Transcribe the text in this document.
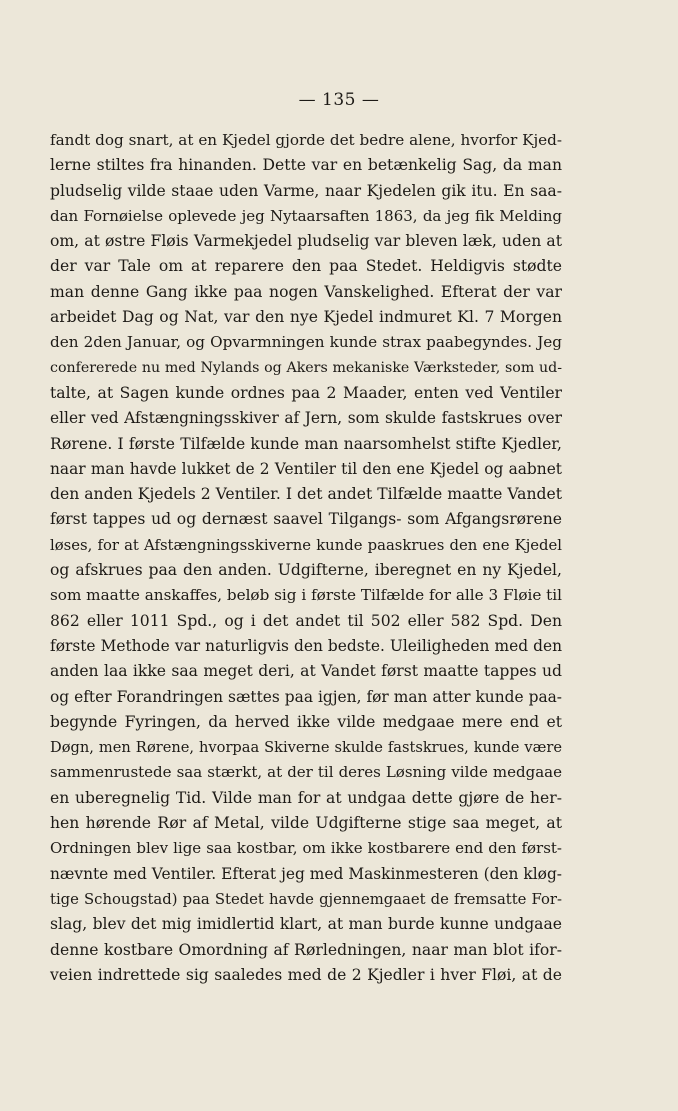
— 135 —
fandt dog snart, at en Kjedel gjorde det bedre alene, hvorfor Kjed-
lerne stiltes fra hinanden. Dette var en betænkelig Sag, da man
pludselig vilde staae uden Varme, naar Kjedelen gik itu. En saa-
dan Fornøielse oplevede jeg Nytaarsaften 1863, da jeg fik Melding
om, at østre Fløis Varmekjedel pludselig var bleven læk, uden at
der var Tale om at reparere den paa Stedet. Heldigvis stødte
man denne Gang ikke paa nogen Vanskelighed. Efterat der var
arbeidet Dag og Nat, var den nye Kjedel indmuret Kl. 7 Morgen
den 2den Januar, og Opvarmningen kunde strax paabegyndes. Jeg
confererede nu med Nylands og Akers mekaniske Værksteder, som ud-
talte, at Sagen kunde ordnes paa 2 Maader, enten ved Ventiler
eller ved Afstængningsskiver af Jern, som skulde fastskrues over
Rørene. I første Tilfælde kunde man naarsomhelst stifte Kjedler,
naar man havde lukket de 2 Ventiler til den ene Kjedel og aabnet
den anden Kjedels 2 Ventiler. I det andet Tilfælde maatte Vandet
først tappes ud og dernæst saavel Tilgangs- som Afgangsrørene
løses, for at Afstængningsskiverne kunde paaskrues den ene Kjedel
og afskrues paa den anden. Udgifterne, iberegnet en ny Kjedel,
som maatte anskaffes, beløb sig i første Tilfælde for alle 3 Fløie til
862 eller 1011 Spd., og i det andet til 502 eller 582 Spd. Den
første Methode var naturligvis den bedste. Uleiligheden med den
anden laa ikke saa meget deri, at Vandet først maatte tappes ud
og efter Forandringen sættes paa igjen, før man atter kunde paa-
begynde Fyringen, da herved ikke vilde medgaae mere end et
Døgn, men Rørene, hvorpaa Skiverne skulde fastskrues, kunde være
sammenrustede saa stærkt, at der til deres Løsning vilde medgaae
en uberegnelig Tid. Vilde man for at undgaa dette gjøre de her-
hen hørende Rør af Metal, vilde Udgifterne stige saa meget, at
Ordningen blev lige saa kostbar, om ikke kostbarere end den først-
nævnte med Ventiler. Efterat jeg med Maskinmesteren (den kløg-
tige Schougstad) paa Stedet havde gjennemgaaet de fremsatte For-
slag, blev det mig imidlertid klart, at man burde kunne undgaae
denne kostbare Omordning af Rørledningen, naar man blot ifor-
veien indrettede sig saaledes med de 2 Kjedler i hver Fløi, at de
